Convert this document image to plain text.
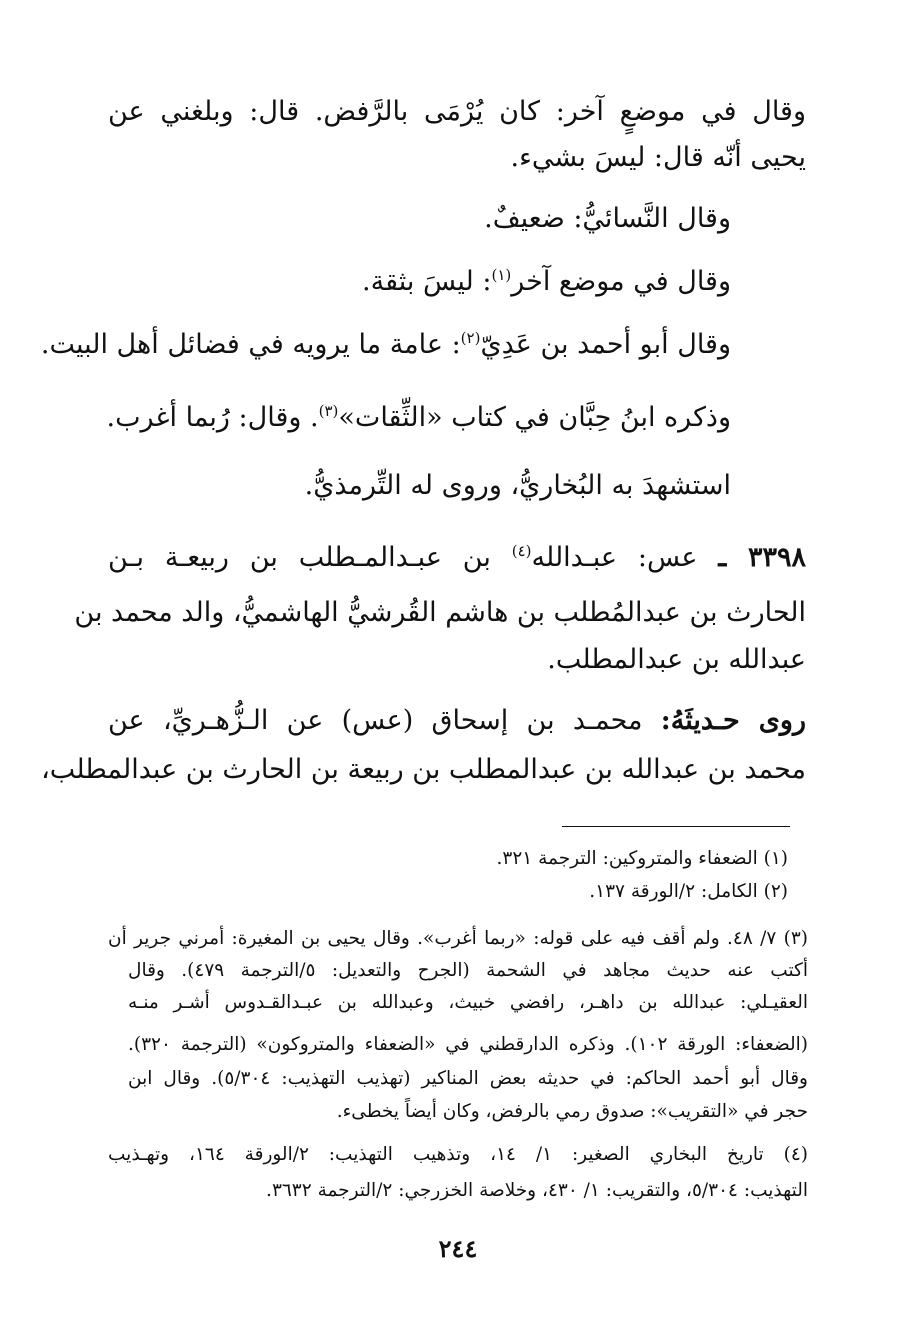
وقال في موضعٍ آخر: كان يُرْمَى بالرَّفض. قال: وبلغني عن
يحيى أنّه قال: ليسَ بشيء.
وقال النَّسائيُّ: ضعيفٌ.
وقال في موضع آخر$^{(١)}$: ليسَ بثقة.
وقال أبو أحمد بن عَدِيّ$^{(٢)}$: عامة ما يرويه في فضائل أهل البيت.
وذكره ابنُ حِبَّان في كتاب «الثِّقات»$^{(٣)}$. وقال: رُبما أغرب.
استشهدَ به البُخاريُّ، وروى له التِّرمذيُّ.
٣٣٩٨ ـ عس: عبـدالله$^{(٤)}$ بن عبـدالمـطلب بن ربيعـة بـن
الحارث بن عبدالمُطلب بن هاشم القُرشيُّ الهاشميُّ، والد محمد بن
عبدالله بن عبدالمطلب.
روى حـديثَهُ: محمـد بن إسحاق (عس) عن الـزُّهـريِّ، عن
محمد بن عبدالله بن عبدالمطلب بن ربيعة بن الحارث بن عبدالمطلب،
(١) الضعفاء والمتروكين: الترجمة ٣٢١.
(٢) الكامل: ٢/الورقة ١٣٧.
(٣) ٧/ ٤٨. ولم أقف فيه على قوله: «ربما أغرب». وقال يحيى بن المغيرة: أمرني جرير أن
أكتب عنه حديث مجاهد في الشحمة (الجرح والتعديل: ٥/الترجمة ٤٧٩). وقال
العقيـلي: عبدالله بن داهـر، رافضي خبيث، وعبدالله بن عبـدالقـدوس أشـر منـه
(الضعفاء: الورقة ١٠٢). وذكره الدارقطني في «الضعفاء والمتروكون» (الترجمة ٣٢٠).
وقال أبو أحمد الحاكم: في حديثه بعض المناكير (تهذيب التهذيب: ٥/٣٠٤). وقال ابن
حجر في «التقريب»: صدوق رمي بالرفض، وكان أيضاً يخطىء.
(٤) تاريخ البخاري الصغير: ١/ ١٤، وتذهيب التهذيب: ٢/الورقة ١٦٤، وتهـذيب
التهذيب: ٥/٣٠٤، والتقريب: ١/ ٤٣٠، وخلاصة الخزرجي: ٢/الترجمة ٣٦٣٢.
٢٤٤
